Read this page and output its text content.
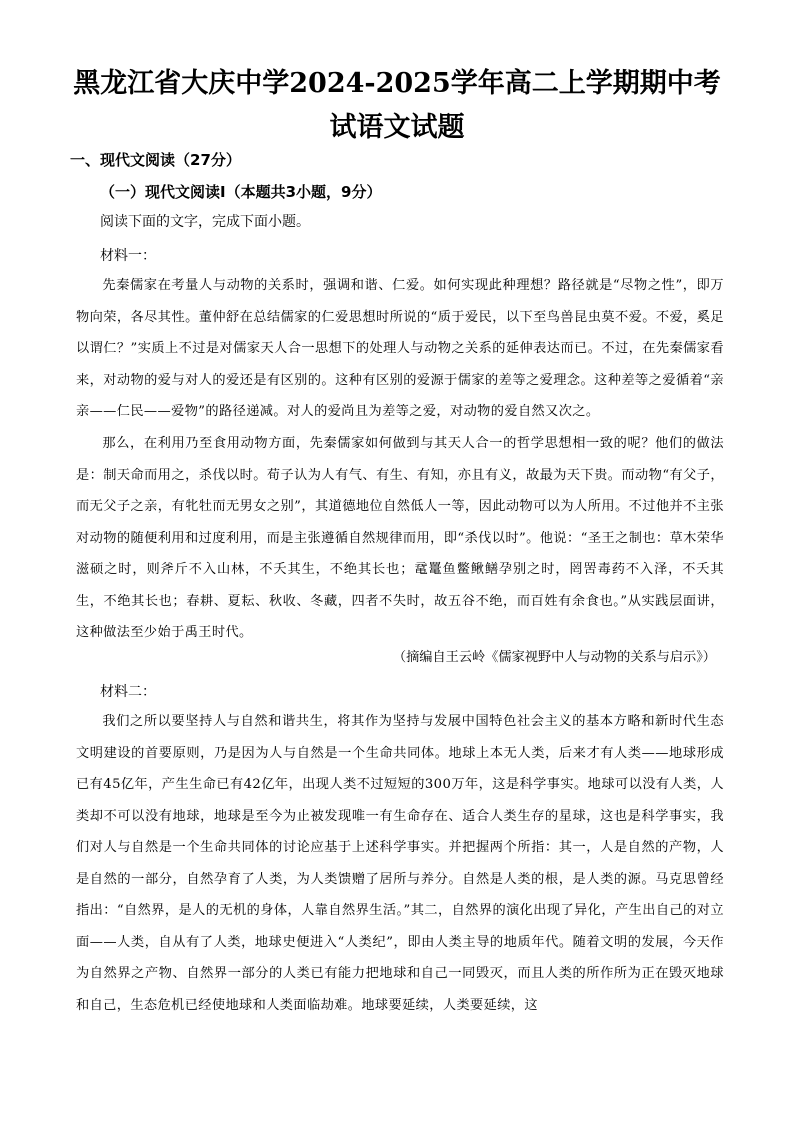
黑龙江省大庆中学2024-2025学年高二上学期期中考试语文试题

一、现代文阅读（27分）

（一）现代文阅读Ⅰ（本题共3小题，9分）

阅读下面的文字，完成下面小题。

材料一：

先秦儒家在考量人与动物的关系时，强调和谐、仁爱。如何实现此种理想？路径就是“尽物之性”，即万物向荣，各尽其性。董仲舒在总结儒家的仁爱思想时所说的“质于爱民，以下至鸟兽昆虫莫不爱。不爱，奚足以谓仁？”实质上不过是对儒家天人合一思想下的处理人与动物之关系的延伸表达而已。不过，在先秦儒家看来，对动物的爱与对人的爱还是有区别的。这种有区别的爱源于儒家的差等之爱理念。这种差等之爱循着“亲亲——仁民——爱物”的路径递减。对人的爱尚且为差等之爱，对动物的爱自然又次之。

那么，在利用乃至食用动物方面，先秦儒家如何做到与其天人合一的哲学思想相一致的呢？他们的做法是：制天命而用之，杀伐以时。荀子认为人有气、有生、有知，亦且有义，故最为天下贵。而动物“有父子，而无父子之亲，有牝牡而无男女之别”，其道德地位自然低人一等，因此动物可以为人所用。不过他并不主张对动物的随便利用和过度利用，而是主张遵循自然规律而用，即“杀伐以时”。他说：“圣王之制也：草木荣华滋硕之时，则斧斤不入山林，不夭其生，不绝其长也；鼋鼍鱼鳖鳅鳝孕别之时，罔罟毒药不入泽，不夭其生，不绝其长也；春耕、夏耘、秋收、冬藏，四者不失时，故五谷不绝，而百姓有余食也。”从实践层面讲，这种做法至少始于禹王时代。

（摘编自王云岭《儒家视野中人与动物的关系与启示》）

材料二：

我们之所以要坚持人与自然和谐共生，将其作为坚持与发展中国特色社会主义的基本方略和新时代生态文明建设的首要原则，乃是因为人与自然是一个生命共同体。地球上本无人类，后来才有人类——地球形成已有45亿年，产生生命已有42亿年，出现人类不过短短的300万年，这是科学事实。地球可以没有人类，人类却不可以没有地球，地球是至今为止被发现唯一有生命存在、适合人类生存的星球，这也是科学事实，我们对人与自然是一个生命共同体的讨论应基于上述科学事实。并把握两个所指：其一，人是自然的产物，人是自然的一部分，自然孕育了人类，为人类馈赠了居所与养分。自然是人类的根，是人类的源。马克思曾经指出：“自然界，是人的无机的身体，人靠自然界生活。”其二，自然界的演化出现了异化，产生出自己的对立面——人类，自从有了人类，地球史便进入“人类纪”，即由人类主导的地质年代。随着文明的发展，今天作为自然界之产物、自然界一部分的人类已有能力把地球和自己一同毁灭，而且人类的所作所为正在毁灭地球和自己，生态危机已经使地球和人类面临劫难。地球要延续，人类要延续，这
